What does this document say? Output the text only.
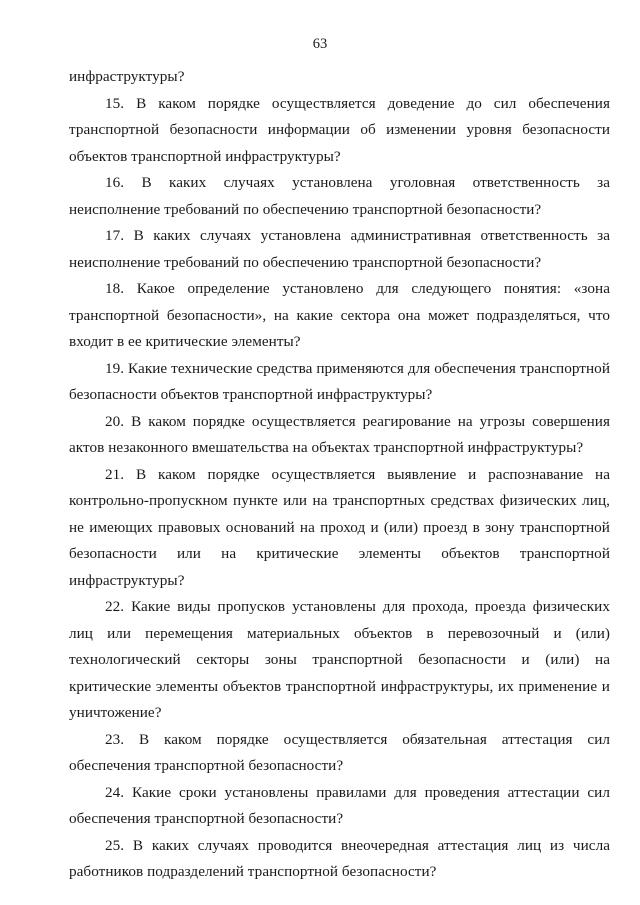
63

инфраструктуры?

15. В каком порядке осуществляется доведение до сил обеспечения транспортной безопасности информации об изменении уровня безопасности объектов транспортной инфраструктуры?

16. В каких случаях установлена уголовная ответственность за неисполнение требований по обеспечению транспортной безопасности?

17. В каких случаях установлена административная ответственность за неисполнение требований по обеспечению транспортной безопасности?

18. Какое определение установлено для следующего понятия: «зона транспортной безопасности», на какие сектора она может подразделяться, что входит в ее критические элементы?

19. Какие технические средства применяются для обеспечения транспортной безопасности объектов транспортной инфраструктуры?

20. В каком порядке осуществляется реагирование на угрозы совершения актов незаконного вмешательства на объектах транспортной инфраструктуры?

21. В каком порядке осуществляется выявление и распознавание на контрольно-пропускном пункте или на транспортных средствах физических лиц, не имеющих правовых оснований на проход и (или) проезд в зону транспортной безопасности или на критические элементы объектов транспортной инфраструктуры?

22. Какие виды пропусков установлены для прохода, проезда физических лиц или перемещения материальных объектов в перевозочный и (или) технологический секторы зоны транспортной безопасности и (или) на критические элементы объектов транспортной инфраструктуры, их применение и уничтожение?

23. В каком порядке осуществляется обязательная аттестация сил обеспечения транспортной безопасности?

24. Какие сроки установлены правилами для проведения аттестации сил обеспечения транспортной безопасности?

25. В каких случаях проводится внеочередная аттестация лиц из числа работников подразделений транспортной безопасности?
